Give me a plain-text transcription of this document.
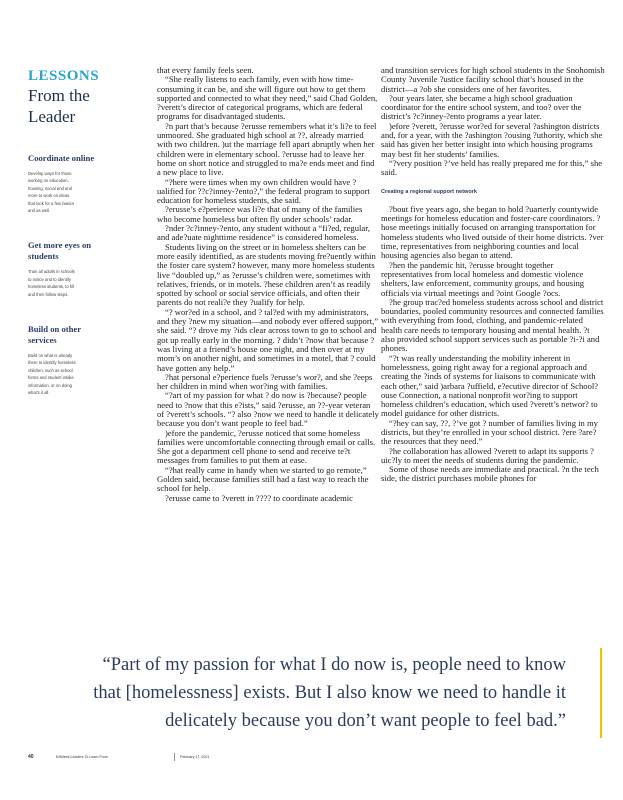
LESSONS
From the
Leader
Coordinate online
Develop ways for those
working on education,
housing, social and and
more to work on ideas
that look for a few basics
and as well.
Get more eyes on
students
Train all adults in schools
to notice and to identify
homeless students, to fill
and then follow steps.
Build on other
services
Build on what is already
there to identify homeless
children, such as school
forms and student intake
information, or on doing
what's it all.

that every family feels seen.

“She really listens to each family, even with how time-consuming it can be, and she will figure out how to get them supported and connected to what they need,” said Chad Golden, ?verett’s director of categorical programs, which are federal programs for disadvantaged students.

?n part that’s because ?erusse remembers what it’s li?e to feel unmoored. She graduated high school at ??, already married with two children. )ut the marriage fell apart abruptly when her children were in elementary school. ?erusse had to leave her home on short notice and struggled to ma?e ends meet and find a new place to live.

“?here were times when my own children would have ?ualified for ??c?inney-?ento?,” the federal program to support education for homeless students, she said.

?erusse’s e?perience was li?e that of many of the families who become homeless but often fly under schools’ radar.

?nder ?c?inney-?ento, any student without a “fi?ed, regular, and ade?uate nighttime residence” is considered homeless.

Students living on the street or in homeless shelters can be more easily identified, as are students moving fre?uently within the foster care system? however, many more homeless students live “doubled up,” as ?erusse’s children were, sometimes with relatives, friends, or in motels. ?hese children aren’t as readily spotted by school or social service officials, and often their parents do not reali?e they ?ualify for help.

“? wor?ed in a school, and ? tal?ed with my administrators, and they ?new my situation—and nobody ever offered support,” she said. “? drove my ?ids clear across town to go to school and got up really early in the morning. ? didn’t ?now that because ? was living at a friend’s house one night, and then over at my mom’s on another night, and sometimes in a motel, that ? could have gotten any help.”

?hat personal e?perience fuels ?erusse’s wor?, and she ?eeps her children in mind when wor?ing with families.

“?art of my passion for what ? do now is ?because? people need to ?now that this e?ists,” said ?erusse, an ??-year veteran of ?verett’s schools. “? also ?now we need to handle it delicately because you don’t want people to feel bad.”

)efore the pandemic, ?erusse noticed that some homeless families were uncomfortable connecting through email or calls. She got a department cell phone to send and receive te?t messages from families to put them at ease.

“?hat really came in handy when we started to go remote,” Golden said, because families still had a fast way to reach the school for help.

?erusse came to ?verett in ???? to coordinate academic

and transition services for high school students in the Snohomish County ?uvenile ?ustice facility school that’s housed in the district—a ?ob she considers one of her favorites.

?our years later, she became a high school graduation coordinator for the entire school system, and too? over the district’s ?c?inney-?ento programs a year later.

)efore ?verett, ?erusse wor?ed for several ?ashington districts and, for a year, with the ?ashington ?ousing ?uthority, which she said has given her better insight into which housing programs may best fit her students’ families.

“?very position ?’ve held has really prepared me for this,” she said.

Creating a regional support network

?bout five years ago, she began to hold ?uarterly countywide meetings for homeless education and foster-care coordinators. ?hose meetings initially focused on arranging transportation for homeless students who lived outside of their home districts. ?ver time, representatives from neighboring counties and local housing agencies also began to attend.

?hen the pandemic hit, ?erusse brought together representatives from local homeless and domestic violence shelters, law enforcement, community groups, and housing officials via virtual meetings and ?oint Google ?ocs.

?he group trac?ed homeless students across school and district boundaries, pooled community resources and connected families with everything from food, clothing, and pandemic-related health care needs to temporary housing and mental health. ?t also provided school support services such as portable ?i-?i and phones.

“?t was really understanding the mobility inherent in homelessness, going right away for a regional approach and creating the ?inds of systems for liaisons to communicate with each other,” said )arbara ?uffield, e?ecutive director of School?ouse Connection, a national nonprofit wor?ing to support homeless children’s education, which used ?verett’s networ? to model guidance for other districts.

“?hey can say, ??, ?’ve got ? number of families living in my districts, but they’re enrolled in your school district. ?ere ?are? the resources that they need.”

?he collaboration has allowed ?verett to adapt its supports ?uic?ly to meet the needs of students during the pandemic.

Some of those needs are immediate and practical. ?n the tech side, the district purchases mobile phones for

“Part of my passion for what I do now is, people need to know
that [homelessness] exists. But I also know we need to handle it
delicately because you don’t want people to feel bad.”
40	EdWeek Leaders To Learn From	February 17, 2021
